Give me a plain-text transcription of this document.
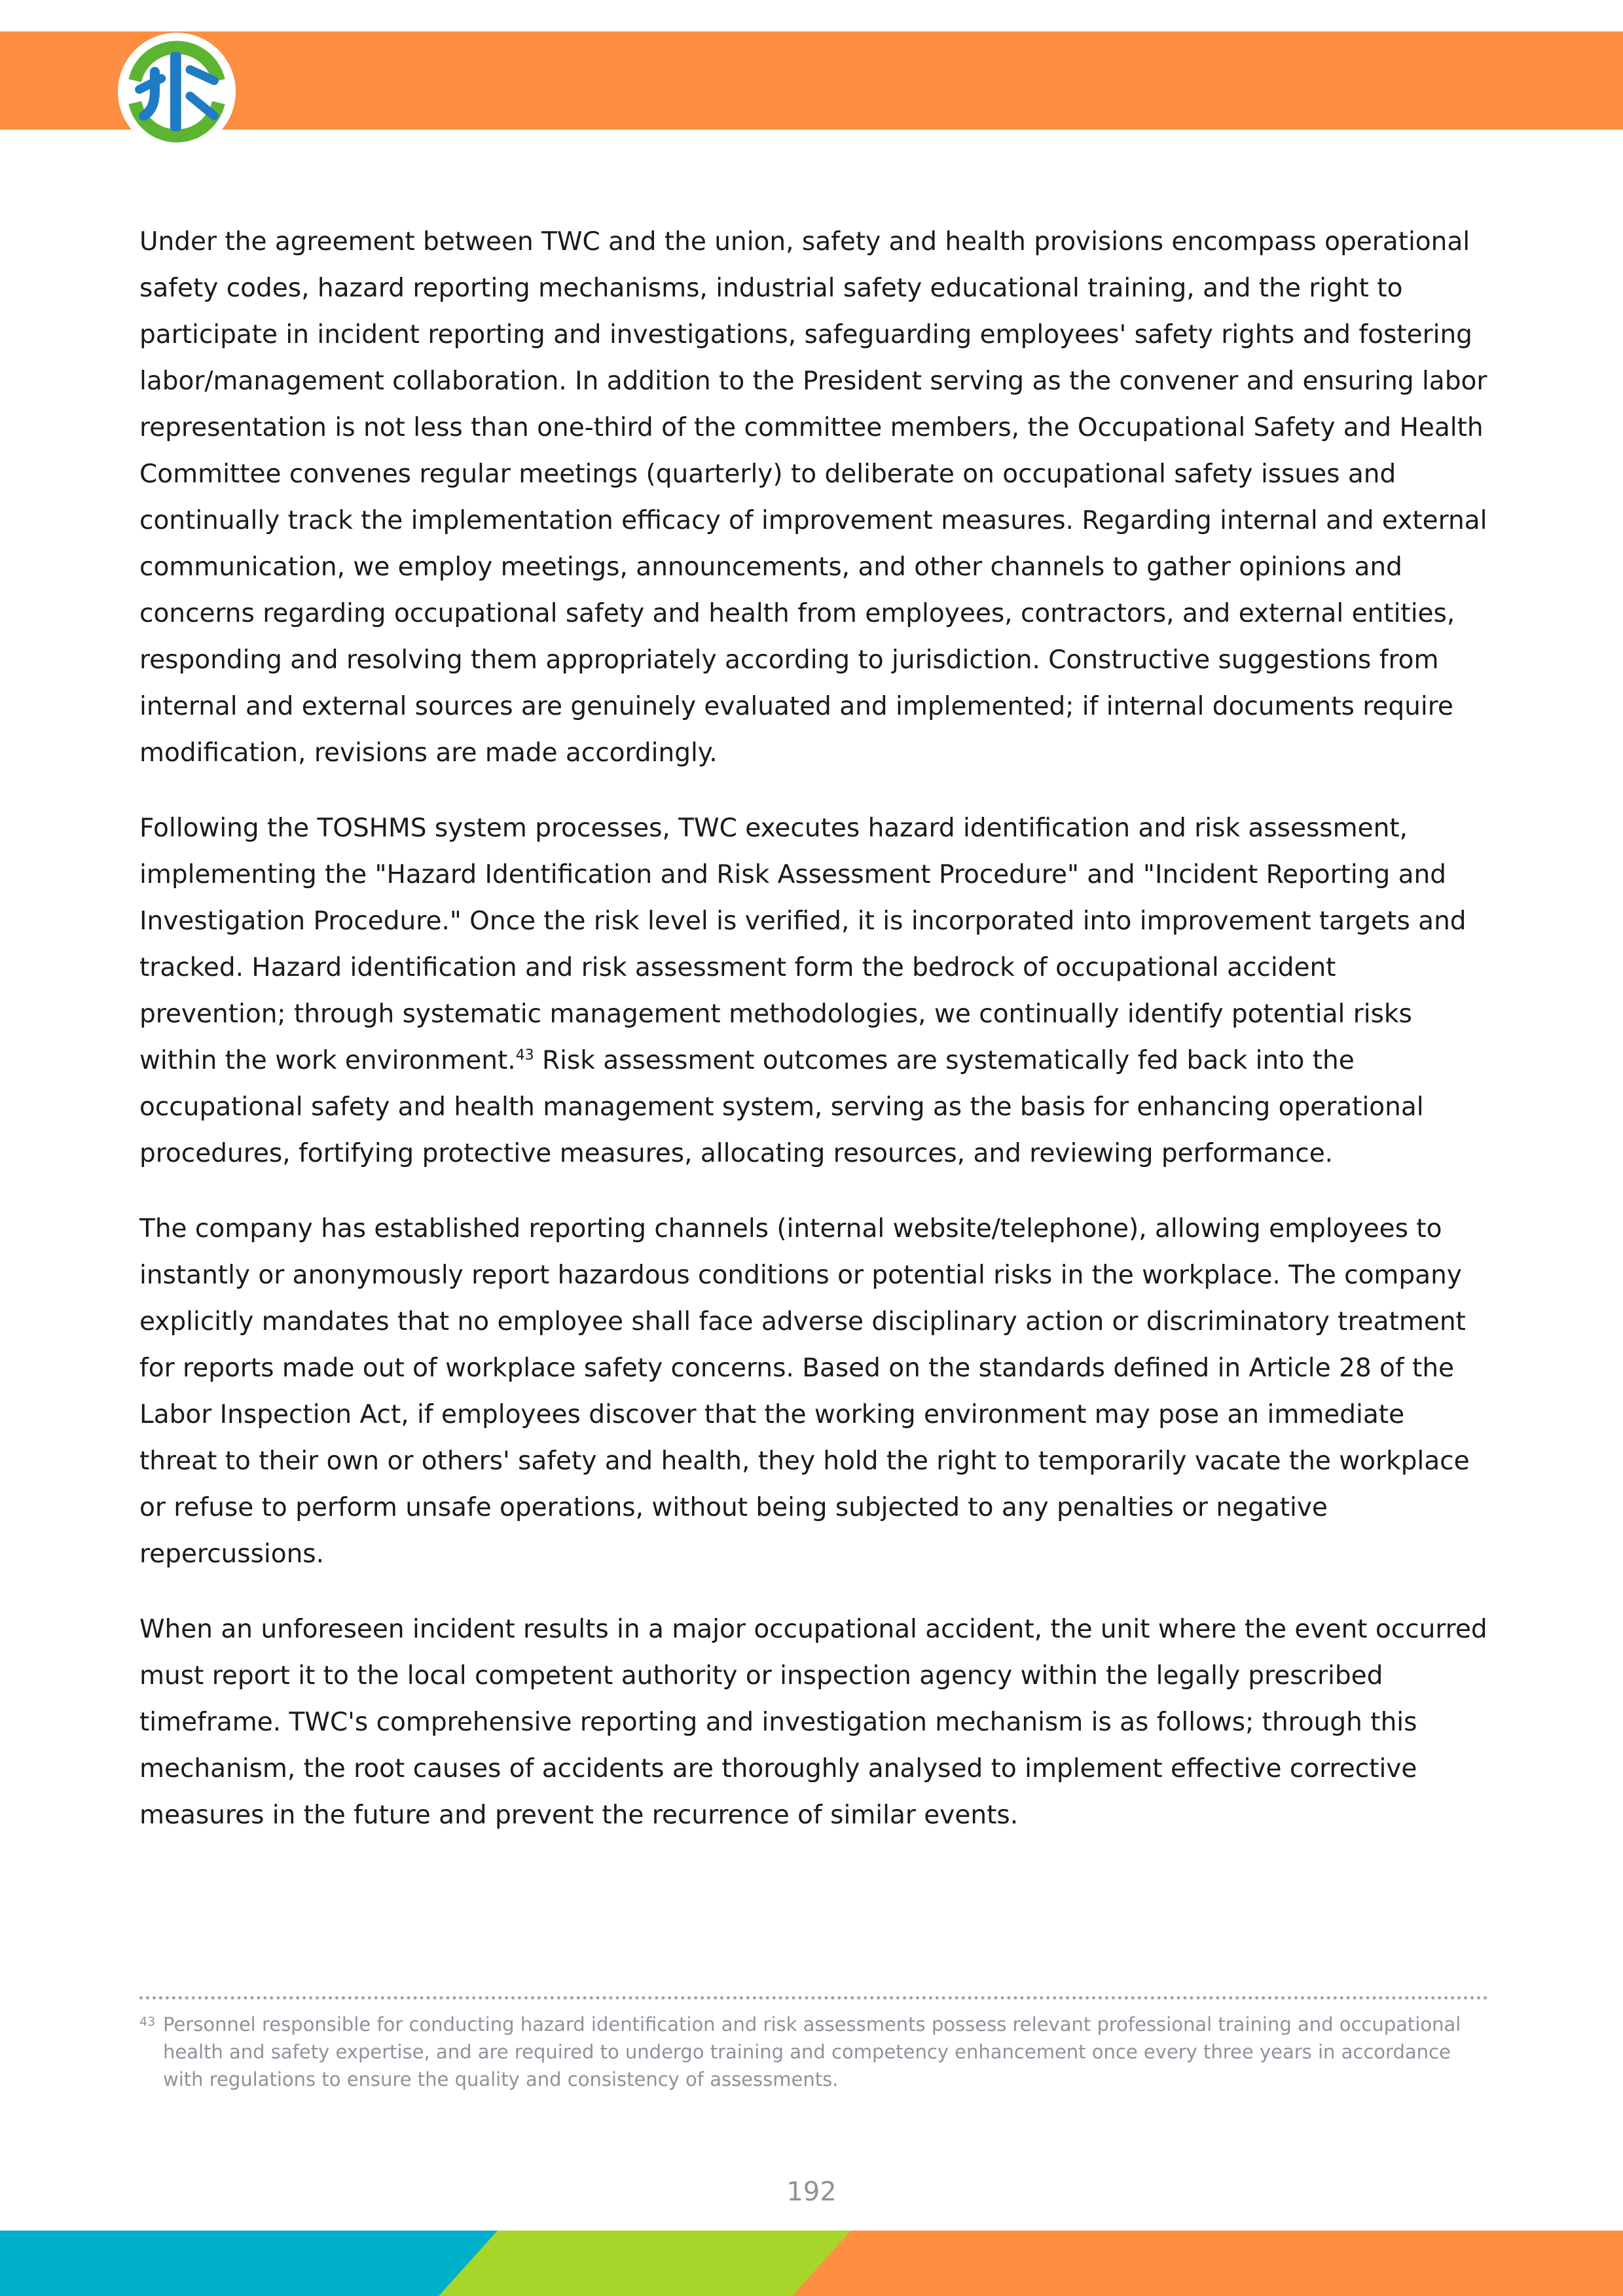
Under the agreement between TWC and the union, safety and health provisions encompass operational safety codes, hazard reporting mechanisms, industrial safety educational training, and the right to participate in incident reporting and investigations, safeguarding employees' safety rights and fostering labor/management collaboration. In addition to the President serving as the convener and ensuring labor representation is not less than one-third of the committee members, the Occupational Safety and Health Committee convenes regular meetings (quarterly) to deliberate on occupational safety issues and continually track the implementation efficacy of improvement measures. Regarding internal and external communication, we employ meetings, announcements, and other channels to gather opinions and concerns regarding occupational safety and health from employees, contractors, and external entities, responding and resolving them appropriately according to jurisdiction. Constructive suggestions from internal and external sources are genuinely evaluated and implemented; if internal documents require modification, revisions are made accordingly.

Following the TOSHMS system processes, TWC executes hazard identification and risk assessment, implementing the "Hazard Identification and Risk Assessment Procedure" and "Incident Reporting and Investigation Procedure." Once the risk level is verified, it is incorporated into improvement targets and tracked. Hazard identification and risk assessment form the bedrock of occupational accident prevention; through systematic management methodologies, we continually identify potential risks within the work environment.$^{43}$ Risk assessment outcomes are systematically fed back into the occupational safety and health management system, serving as the basis for enhancing operational procedures, fortifying protective measures, allocating resources, and reviewing performance.

The company has established reporting channels (internal website/telephone), allowing employees to instantly or anonymously report hazardous conditions or potential risks in the workplace. The company explicitly mandates that no employee shall face adverse disciplinary action or discriminatory treatment for reports made out of workplace safety concerns. Based on the standards defined in Article 28 of the Labor Inspection Act, if employees discover that the working environment may pose an immediate threat to their own or others' safety and health, they hold the right to temporarily vacate the workplace or refuse to perform unsafe operations, without being subjected to any penalties or negative repercussions.

When an unforeseen incident results in a major occupational accident, the unit where the event occurred must report it to the local competent authority or inspection agency within the legally prescribed timeframe. TWC's comprehensive reporting and investigation mechanism is as follows; through this mechanism, the root causes of accidents are thoroughly analysed to implement effective corrective measures in the future and prevent the recurrence of similar events.

43 Personnel responsible for conducting hazard identification and risk assessments possess relevant professional training and occupational health and safety expertise, and are required to undergo training and competency enhancement once every three years in accordance with regulations to ensure the quality and consistency of assessments.
192
